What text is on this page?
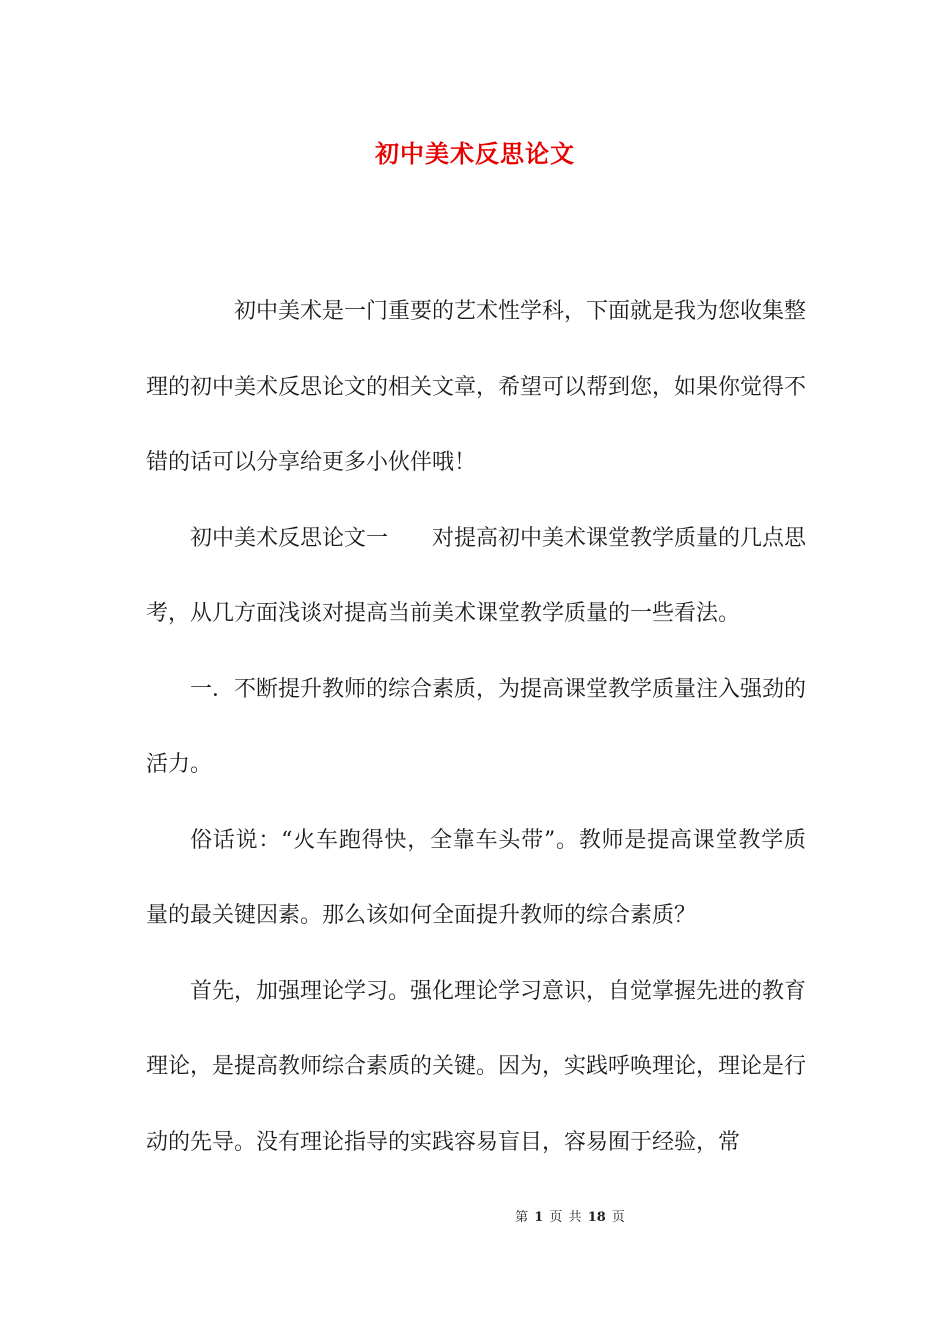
初中美术反思论文

初中美术是一门重要的艺术性学科，下面就是我为您收集整理的初中美术反思论文的相关文章，希望可以帮到您，如果你觉得不错的话可以分享给更多小伙伴哦！

初中美术反思论文一　　对提高初中美术课堂教学质量的几点思考，从几方面浅谈对提高当前美术课堂教学质量的一些看法。

一．不断提升教师的综合素质，为提高课堂教学质量注入强劲的活力。

俗话说：“火车跑得快，全靠车头带”。教师是提高课堂教学质量的最关键因素。那么该如何全面提升教师的综合素质？

首先，加强理论学习。强化理论学习意识，自觉掌握先进的教育理论，是提高教师综合素质的关键。因为，实践呼唤理论，理论是行动的先导。没有理论指导的实践容易盲目，容易囿于经验，常

第 1 页 共 18 页
